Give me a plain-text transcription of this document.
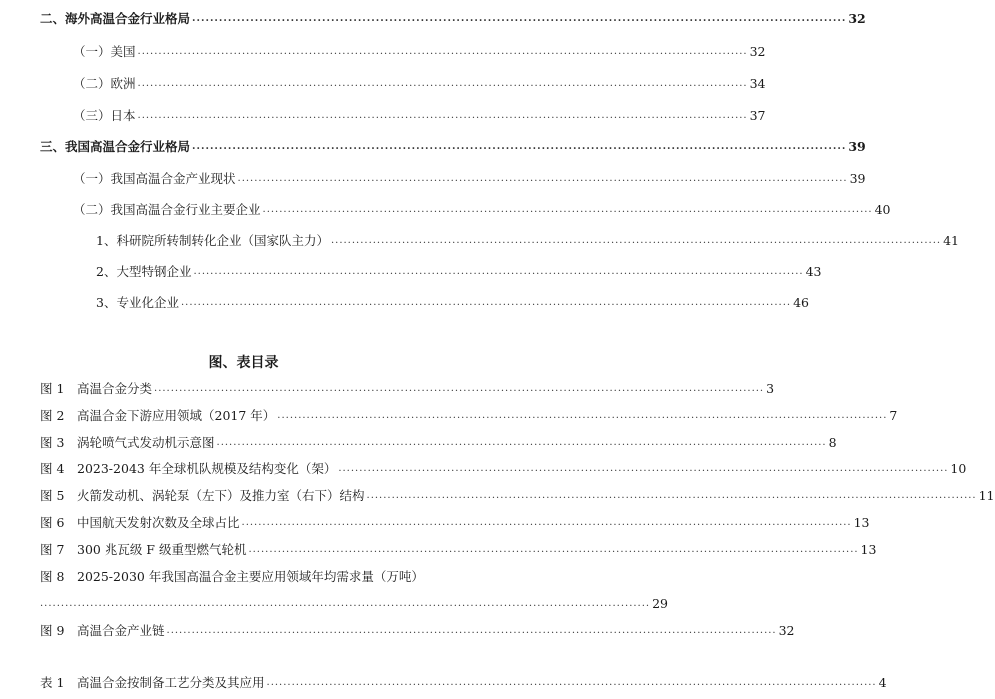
二、海外高温合金行业格局 .................................................................................................................................................. 32
（一）美国 .................................................................................................................................................. 32
（二）欧洲 .................................................................................................................................................. 34
（三）日本 .................................................................................................................................................. 37
三、我国高温合金行业格局 .................................................................................................................................................. 39
（一）我国高温合金产业现状 .................................................................................................................................................. 39
（二）我国高温合金行业主要企业 .................................................................................................................................................. 40
1、科研院所转制转化企业（国家队主力） .................................................................................................................................................. 41
2、大型特钢企业 .................................................................................................................................................. 43
3、专业化企业 .................................................................................................................................................. 46
图、表目录
图 1 高温合金分类 .................................................................................................................................................. 3
图 2 高温合金下游应用领域（2017 年） .................................................................................................................................................. 7
图 3 涡轮喷气式发动机示意图 .................................................................................................................................................. 8
图 4 2023-2043 年全球机队规模及结构变化（架） .................................................................................................................................................. 10
图 5 火箭发动机、涡轮泵（左下）及推力室（右下）结构 .................................................................................................................................................. 11
图 6 中国航天发射次数及全球占比 .................................................................................................................................................. 13
图 7 300 兆瓦级 F 级重型燃气轮机 .................................................................................................................................................. 13
图 8 2025-2030 年我国高温合金主要应用领域年均需求量（万吨）
.................................................................................................................................................. 29
图 9 高温合金产业链 .................................................................................................................................................. 32
表 1 高温合金按制备工艺分类及其应用 .................................................................................................................................................. 4
